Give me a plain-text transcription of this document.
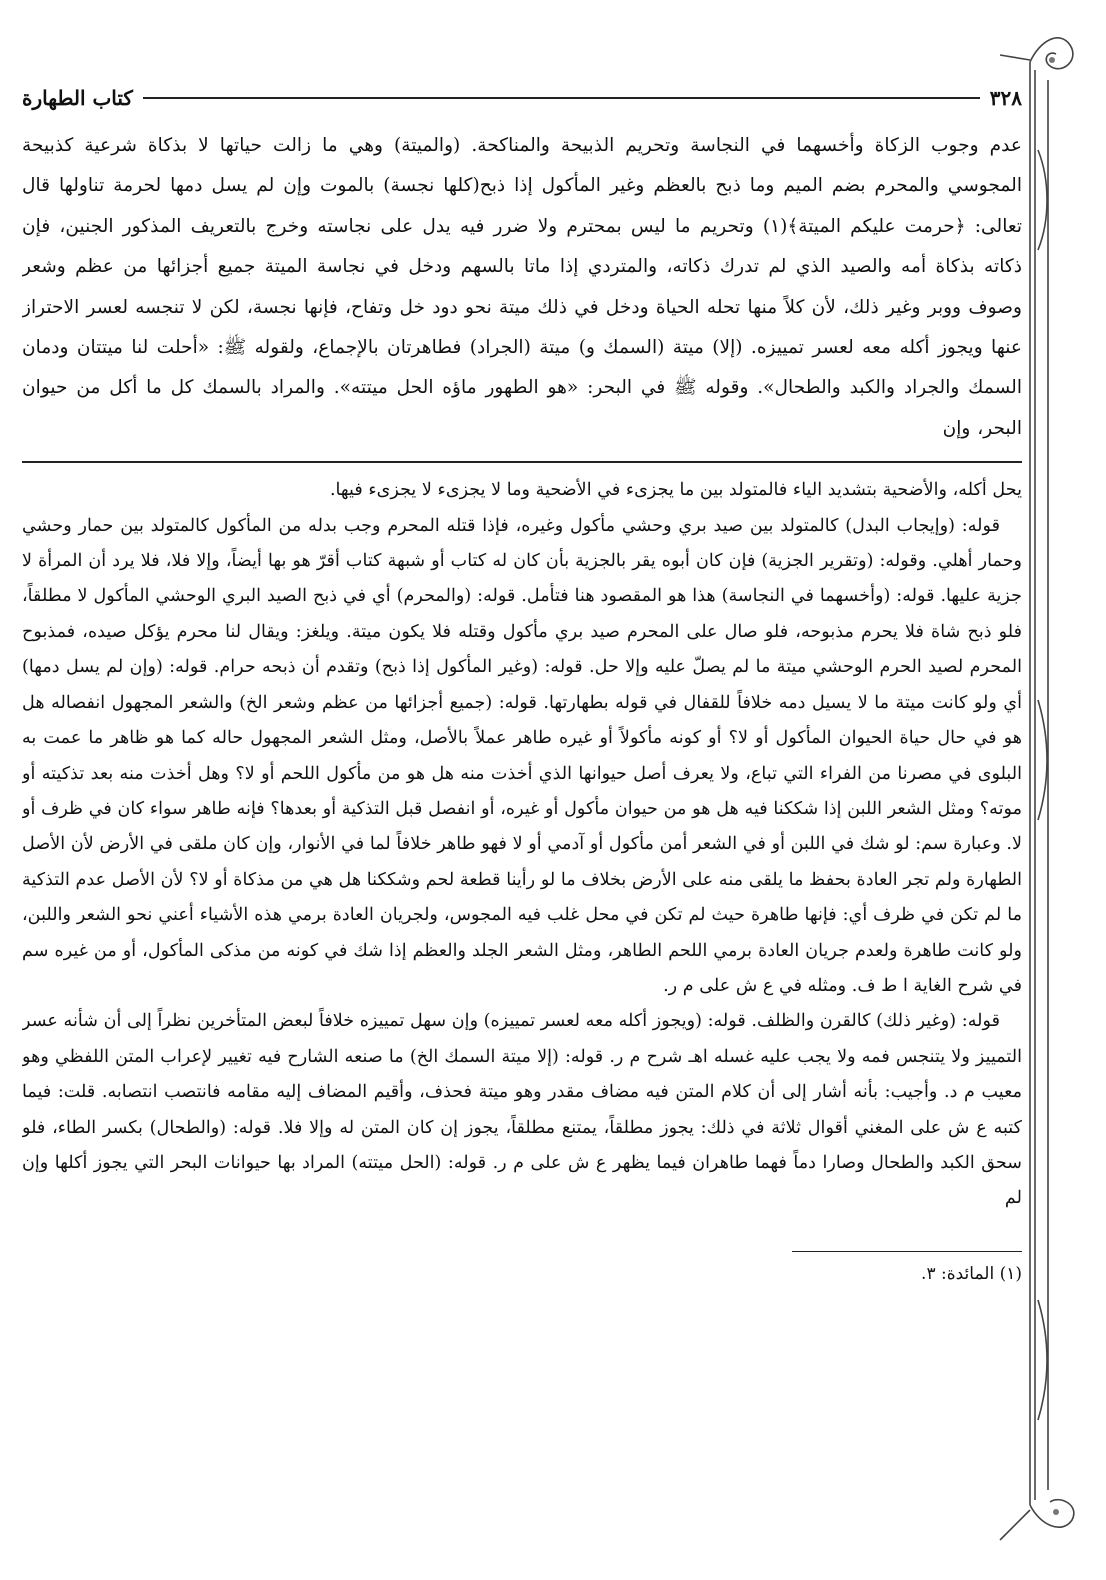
٣٢٨
كتاب الطهارة
عدم وجوب الزكاة وأخسهما في النجاسة وتحريم الذبيحة والمناكحة. (والميتة) وهي ما زالت حياتها لا بذكاة شرعية كذبيحة المجوسي والمحرم بضم الميم وما ذبح بالعظم وغير المأكول إذا ذبح(كلها نجسة) بالموت وإن لم يسل دمها لحرمة تناولها قال تعالى: ﴿حرمت عليكم الميتة﴾(١) وتحريم ما ليس بمحترم ولا ضرر فيه يدل على نجاسته وخرج بالتعريف المذكور الجنين، فإن ذكاته بذكاة أمه والصيد الذي لم تدرك ذكاته، والمتردي إذا ماتا بالسهم ودخل في نجاسة الميتة جميع أجزائها من عظم وشعر وصوف ووبر وغير ذلك، لأن كلاً منها تحله الحياة ودخل في ذلك ميتة نحو دود خل وتفاح، فإنها نجسة، لكن لا تنجسه لعسر الاحتراز عنها ويجوز أكله معه لعسر تمييزه. (إلا) ميتة (السمك و) ميتة (الجراد) فطاهرتان بالإجماع، ولقوله ﷺ: «أحلت لنا ميتتان ودمان السمك والجراد والكبد والطحال». وقوله ﷺ في البحر: «هو الطهور ماؤه الحل ميتته». والمراد بالسمك كل ما أكل من حيوان البحر، وإن

يحل أكله، والأضحية بتشديد الياء فالمتولد بين ما يجزىء في الأضحية وما لا يجزىء لا يجزىء فيها.

قوله: (وإيجاب البدل) كالمتولد بين صيد بري وحشي مأكول وغيره، فإذا قتله المحرم وجب بدله من المأكول كالمتولد بين حمار وحشي وحمار أهلي. وقوله: (وتقرير الجزية) فإن كان أبوه يقر بالجزية بأن كان له كتاب أو شبهة كتاب أقرّ هو بها أيضاً، وإلا فلا، فلا يرد أن المرأة لا جزية عليها. قوله: (وأخسهما في النجاسة) هذا هو المقصود هنا فتأمل. قوله: (والمحرم) أي في ذبح الصيد البري الوحشي المأكول لا مطلقاً، فلو ذبح شاة فلا يحرم مذبوحه، فلو صال على المحرم صيد بري مأكول وقتله فلا يكون ميتة. ويلغز: ويقال لنا محرم يؤكل صيده، فمذبوح المحرم لصيد الحرم الوحشي ميتة ما لم يصلّ عليه وإلا حل. قوله: (وغير المأكول إذا ذبح) وتقدم أن ذبحه حرام. قوله: (وإن لم يسل دمها) أي ولو كانت ميتة ما لا يسيل دمه خلافاً للقفال في قوله بطهارتها. قوله: (جميع أجزائها من عظم وشعر الخ) والشعر المجهول انفصاله هل هو في حال حياة الحيوان المأكول أو لا؟ أو كونه مأكولاً أو غيره طاهر عملاً بالأصل، ومثل الشعر المجهول حاله كما هو ظاهر ما عمت به البلوى في مصرنا من الفراء التي تباع، ولا يعرف أصل حيوانها الذي أخذت منه هل هو من مأكول اللحم أو لا؟ وهل أخذت منه بعد تذكيته أو موته؟ ومثل الشعر اللبن إذا شككنا فيه هل هو من حيوان مأكول أو غيره، أو انفصل قبل التذكية أو بعدها؟ فإنه طاهر سواء كان في ظرف أو لا. وعبارة سم: لو شك في اللبن أو في الشعر أمن مأكول أو آدمي أو لا فهو طاهر خلافاً لما في الأنوار، وإن كان ملقى في الأرض لأن الأصل الطهارة ولم تجر العادة بحفظ ما يلقى منه على الأرض بخلاف ما لو رأينا قطعة لحم وشككنا هل هي من مذكاة أو لا؟ لأن الأصل عدم التذكية ما لم تكن في ظرف أي: فإنها طاهرة حيث لم تكن في محل غلب فيه المجوس، ولجريان العادة برمي هذه الأشياء أعني نحو الشعر واللبن، ولو كانت طاهرة ولعدم جريان العادة برمي اللحم الطاهر، ومثل الشعر الجلد والعظم إذا شك في كونه من مذكى المأكول، أو من غيره سم في شرح الغاية ا ط ف. ومثله في ع ش على م ر.

قوله: (وغير ذلك) كالقرن والظلف. قوله: (ويجوز أكله معه لعسر تمييزه) وإن سهل تمييزه خلافاً لبعض المتأخرين نظراً إلى أن شأنه عسر التمييز ولا يتنجس فمه ولا يجب عليه غسله اهـ شرح م ر. قوله: (إلا ميتة السمك الخ) ما صنعه الشارح فيه تغيير لإعراب المتن اللفظي وهو معيب م د. وأجيب: بأنه أشار إلى أن كلام المتن فيه مضاف مقدر وهو ميتة فحذف، وأقيم المضاف إليه مقامه فانتصب انتصابه. قلت: فيما كتبه ع ش على المغني أقوال ثلاثة في ذلك: يجوز مطلقاً، يمتنع مطلقاً، يجوز إن كان المتن له وإلا فلا. قوله: (والطحال) بكسر الطاء، فلو سحق الكبد والطحال وصارا دماً فهما طاهران فيما يظهر ع ش على م ر. قوله: (الحل ميتته) المراد بها حيوانات البحر التي يجوز أكلها وإن لم

(١) المائدة: ٣.
